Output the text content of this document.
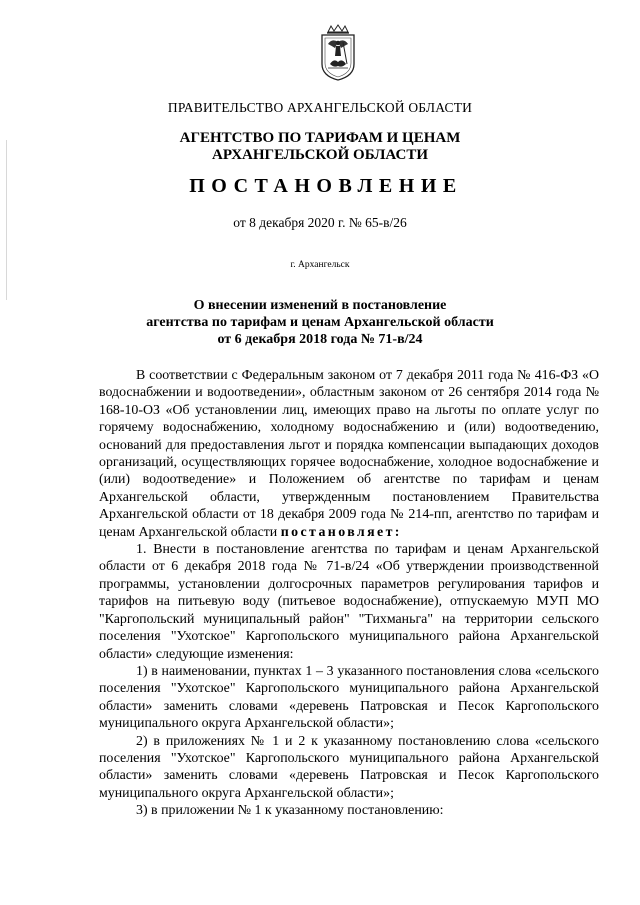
ПРАВИТЕЛЬСТВО АРХАНГЕЛЬСКОЙ ОБЛАСТИ
АГЕНТСТВО ПО ТАРИФАМ И ЦЕНАМ
АРХАНГЕЛЬСКОЙ ОБЛАСТИ
ПОСТАНОВЛЕНИЕ
от 8 декабря 2020 г. № 65-в/26
г. Архангельск
О внесении изменений в постановление
агентства по тарифам и ценам Архангельской области
от 6 декабря 2018 года № 71-в/24

В соответствии с Федеральным законом от 7 декабря 2011 года № 416-ФЗ «О водоснабжении и водоотведении», областным законом от 26 сентября 2014 года № 168-10-ОЗ «Об установлении лиц, имеющих право на льготы по оплате услуг по горячему водоснабжению, холодному водоснабжению и (или) водоотведению, оснований для предоставления льгот и порядка компенсации выпадающих доходов организаций, осуществляющих горячее водоснабжение, холодное водоснабжение и (или) водоотведение» и Положением об агентстве по тарифам и ценам Архангельской области, утвержденным постановлением Правительства Архангельской области от 18 декабря 2009 года № 214-пп, агентство по тарифам и ценам Архангельской области постановляет:

1. Внести в постановление агентства по тарифам и ценам Архангельской области от 6 декабря 2018 года № 71-в/24 «Об утверждении производственной программы, установлении долгосрочных параметров регулирования тарифов и тарифов на питьевую воду (питьевое водоснабжение), отпускаемую МУП МО "Каргопольский муниципальный район" "Тихманьга" на территории сельского поселения "Ухотское" Каргопольского муниципального района Архангельской области» следующие изменения:

1) в наименовании, пунктах 1 – 3 указанного постановления слова «сельского поселения "Ухотское" Каргопольского муниципального района Архангельской области» заменить словами «деревень Патровская и Песок Каргопольского муниципального округа Архангельской области»;

2) в приложениях № 1 и 2 к указанному постановлению слова «сельского поселения "Ухотское" Каргопольского муниципального района Архангельской области» заменить словами «деревень Патровская и Песок Каргопольского муниципального округа Архангельской области»;

3) в приложении № 1 к указанному постановлению:
